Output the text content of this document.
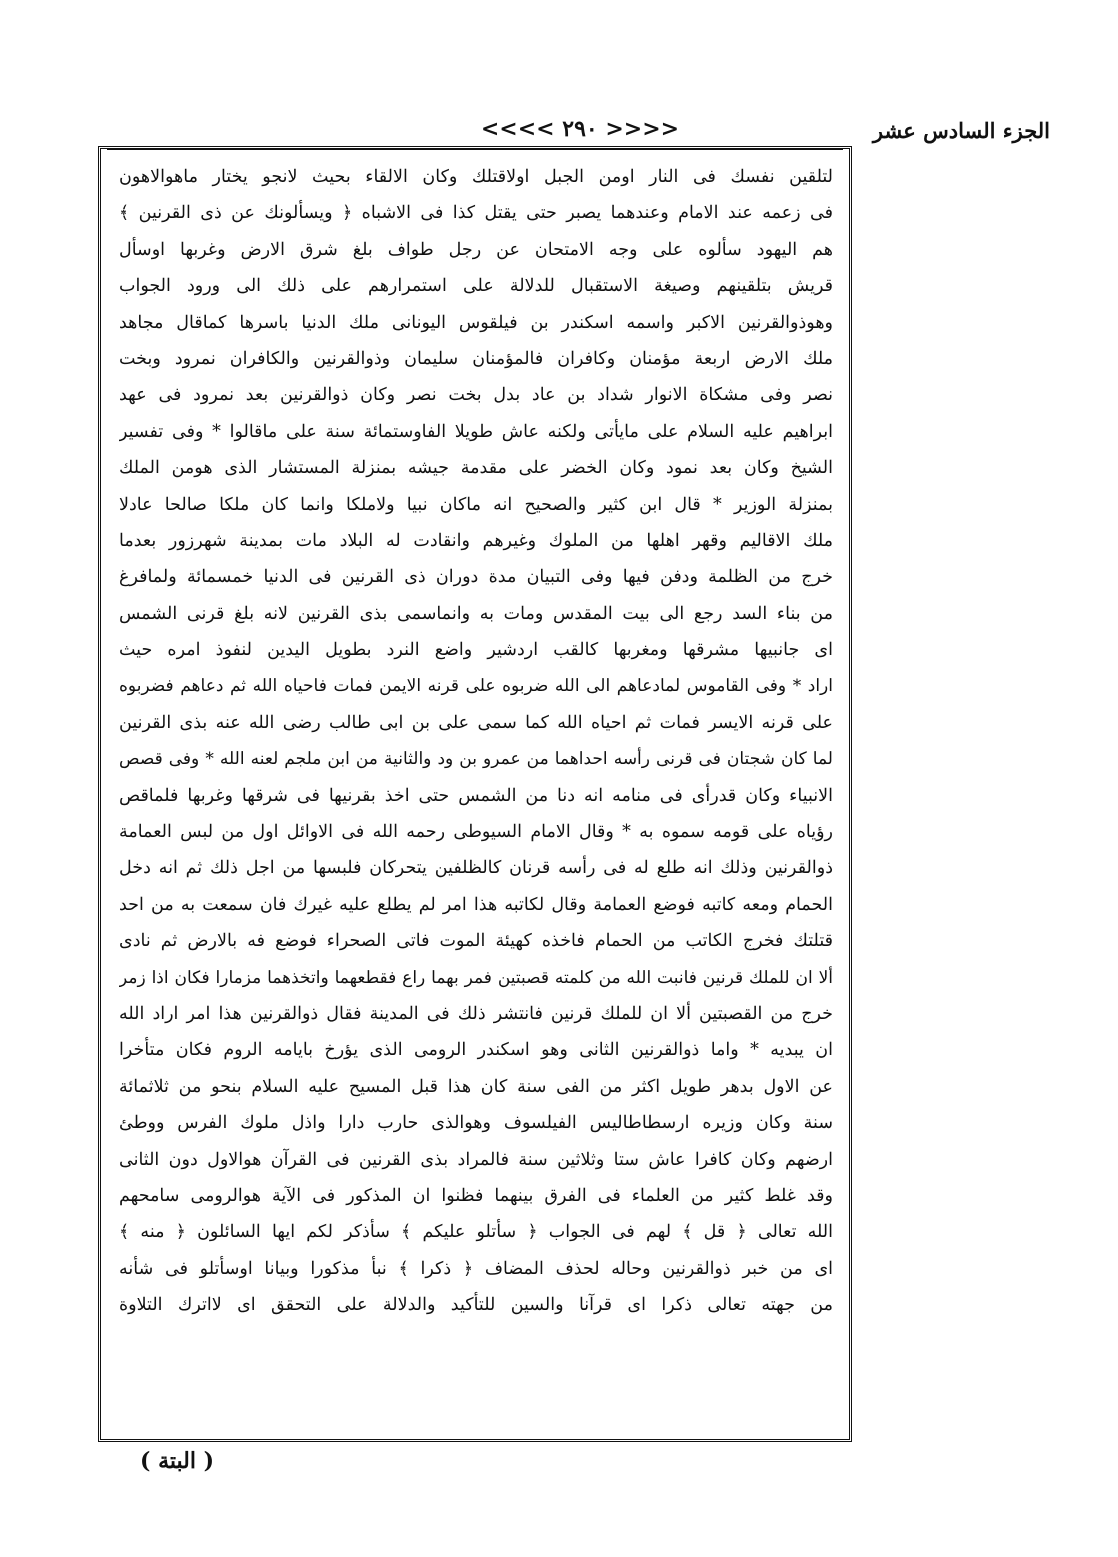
الجزء السادس عشر
<<<< ۲۹۰ >>>>
لتلقين نفسك فى النار اومن الجبل اولاقتلك وكان الالقاء بحيث لانجو يختار ماهوالاهون
فى زعمه عند الامام وعندهما يصبر حتى يقتل كذا فى الاشباه ﴿ ويسألونك عن ذى القرنين ﴾
هم اليهود سألوه على وجه الامتحان عن رجل طواف بلغ شرق الارض وغربها اوسأل
قريش بتلقينهم وصيغة الاستقبال للدلالة على استمرارهم على ذلك الى ورود الجواب
وهوذوالقرنين الاكبر واسمه اسكندر بن فيلقوس اليونانى ملك الدنيا باسرها كماقال مجاهد
ملك الارض اربعة مؤمنان وكافران فالمؤمنان سليمان وذوالقرنين والكافران نمرود وبخت
نصر وفى مشكاة الانوار شداد بن عاد بدل بخت نصر وكان ذوالقرنين بعد نمرود فى عهد
ابراهيم عليه السلام على مايأتى ولكنه عاش طويلا الفاوستمائة سنة على ماقالوا * وفى تفسير
الشيخ وكان بعد نمود وكان الخضر على مقدمة جيشه بمنزلة المستشار الذى هومن الملك
بمنزلة الوزير * قال ابن كثير والصحيح انه ماكان نبيا ولاملكا وانما كان ملكا صالحا عادلا
ملك الاقاليم وقهر اهلها من الملوك وغيرهم وانقادت له البلاد مات بمدينة شهرزور بعدما
خرج من الظلمة ودفن فيها وفى التبيان مدة دوران ذى القرنين فى الدنيا خمسمائة ولمافرغ
من بناء السد رجع الى بيت المقدس ومات به وانماسمى بذى القرنين لانه بلغ قرنى الشمس
اى جانبيها مشرقها ومغربها كالقب اردشير واضع النرد بطويل اليدين لنفوذ امره حيث
اراد * وفى القاموس لمادعاهم الى الله ضربوه على قرنه الايمن فمات فاحياه الله ثم دعاهم فضربوه
على قرنه الايسر فمات ثم احياه الله كما سمى على بن ابى طالب رضى الله عنه بذى القرنين
لما كان شجتان فى قرنى رأسه احداهما من عمرو بن ود والثانية من ابن ملجم لعنه الله * وفى قصص
الانبياء وكان قدرأى فى منامه انه دنا من الشمس حتى اخذ بقرنيها فى شرقها وغربها فلماقص
رؤياه على قومه سموه به * وقال الامام السيوطى رحمه الله فى الاوائل اول من لبس العمامة
ذوالقرنين وذلك انه طلع له فى رأسه قرنان كالظلفين يتحركان فلبسها من اجل ذلك ثم انه دخل
الحمام ومعه كاتبه فوضع العمامة وقال لكاتبه هذا امر لم يطلع عليه غيرك فان سمعت به من احد
قتلتك فخرج الكاتب من الحمام فاخذه كهيئة الموت فاتى الصحراء فوضع فه بالارض ثم نادى
ألا ان للملك قرنين فانبت الله من كلمته قصبتين فمر بهما راع فقطعهما واتخذهما مزمارا فكان اذا زمر
خرج من القصبتين ألا ان للملك قرنين فانتشر ذلك فى المدينة فقال ذوالقرنين هذا امر اراد الله
ان يبديه * واما ذوالقرنين الثانى وهو اسكندر الرومى الذى يؤرخ بايامه الروم فكان متأخرا
عن الاول بدهر طويل اكثر من الفى سنة كان هذا قبل المسيح عليه السلام بنحو من ثلاثمائة
سنة وكان وزيره ارسطاطاليس الفيلسوف وهوالذى حارب دارا واذل ملوك الفرس ووطئ
ارضهم وكان كافرا عاش ستا وثلاثين سنة فالمراد بذى القرنين فى القرآن هوالاول دون الثانى
وقد غلط كثير من العلماء فى الفرق بينهما فظنوا ان المذكور فى الآية هوالرومى سامحهم
الله تعالى ﴿ قل ﴾ لهم فى الجواب ﴿ سأتلو عليكم ﴾ سأذكر لكم ايها السائلون ﴿ منه ﴾
اى من خبر ذوالقرنين وحاله لحذف المضاف ﴿ ذكرا ﴾ نبأ مذكورا وبيانا اوسأتلو فى شأنه
من جهته تعالى ذكرا اى قرآنا والسين للتأكيد والدلالة على التحقق اى لااترك التلاوة
( البتة )
